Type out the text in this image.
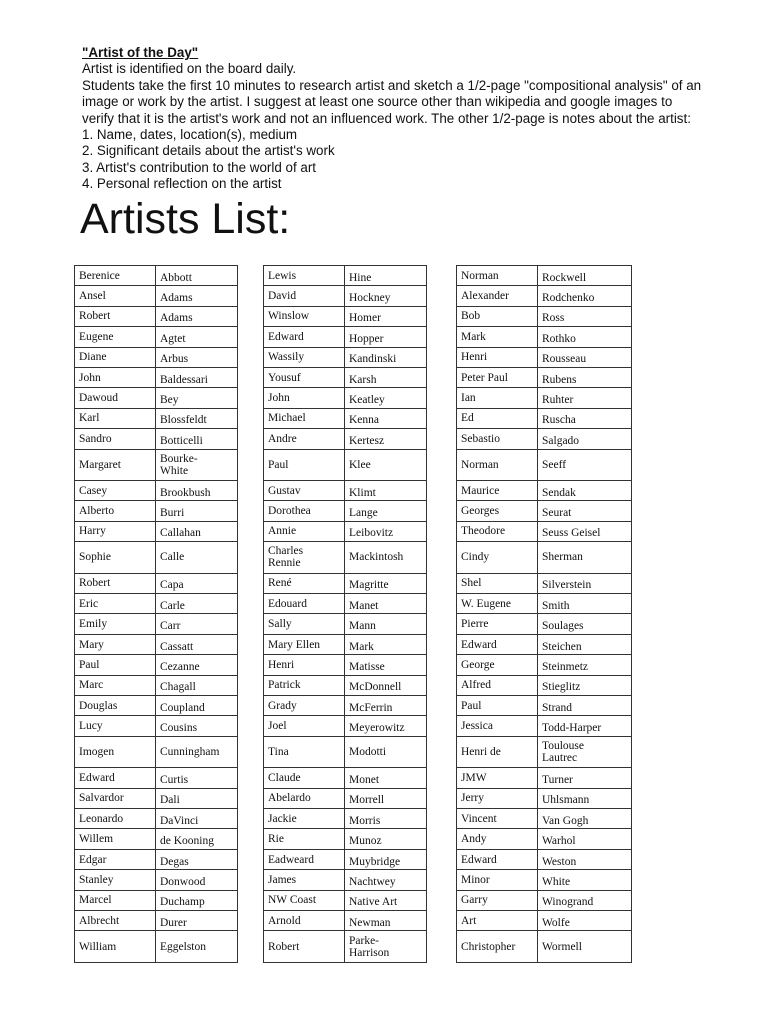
"Artist of the Day"
Artist is identified on the board daily.
Students take the first 10 minutes to research artist and sketch a 1/2-page "compositional analysis" of an
image or work by the artist. I suggest at least one source other than wikipedia and google images to
verify that it is the artist's work and not an influenced work. The other 1/2-page is notes about the artist:
1. Name, dates, location(s), medium
2. Significant details about the artist's work
3. Artist's contribution to the world of art
4. Personal reflection on the artist
Artists List:
Berenice	Abbott
Ansel	Adams
Robert	Adams
Eugene	Agtet
Diane	Arbus
John	Baldessari
Dawoud	Bey
Karl	Blossfeldt
Sandro	Botticelli
Margaret	Bourke-
White
Casey	Brookbush
Alberto	Burri
Harry	Callahan
Sophie	Calle
Robert	Capa
Eric	Carle
Emily	Carr
Mary	Cassatt
Paul	Cezanne
Marc	Chagall
Douglas	Coupland
Lucy	Cousins
Imogen	Cunningham
Edward	Curtis
Salvardor	Dali
Leonardo	DaVinci
Willem	de Kooning
Edgar	Degas
Stanley	Donwood
Marcel	Duchamp
Albrecht	Durer
William	Eggelston
Lewis	Hine
David	Hockney
Winslow	Homer
Edward	Hopper
Wassily	Kandinski
Yousuf	Karsh
John	Keatley
Michael	Kenna
Andre	Kertesz
Paul	Klee
Gustav	Klimt
Dorothea	Lange
Annie	Leibovitz
Charles
Rennie	Mackintosh
René	Magritte
Edouard	Manet
Sally	Mann
Mary Ellen	Mark
Henri	Matisse
Patrick	McDonnell
Grady	McFerrin
Joel	Meyerowitz
Tina	Modotti
Claude	Monet
Abelardo	Morrell
Jackie	Morris
Rie	Munoz
Eadweard	Muybridge
James	Nachtwey
NW Coast	Native Art
Arnold	Newman
Robert	Parke-
Harrison
Norman	Rockwell
Alexander	Rodchenko
Bob	Ross
Mark	Rothko
Henri	Rousseau
Peter Paul	Rubens
Ian	Ruhter
Ed	Ruscha
Sebastio	Salgado
Norman	Seeff
Maurice	Sendak
Georges	Seurat
Theodore	Seuss Geisel
Cindy	Sherman
Shel	Silverstein
W. Eugene	Smith
Pierre	Soulages
Edward	Steichen
George	Steinmetz
Alfred	Stieglitz
Paul	Strand
Jessica	Todd-Harper
Henri de	Toulouse
Lautrec
JMW	Turner
Jerry	Uhlsmann
Vincent	Van Gogh
Andy	Warhol
Edward	Weston
Minor	White
Garry	Winogrand
Art	Wolfe
Christopher	Wormell
